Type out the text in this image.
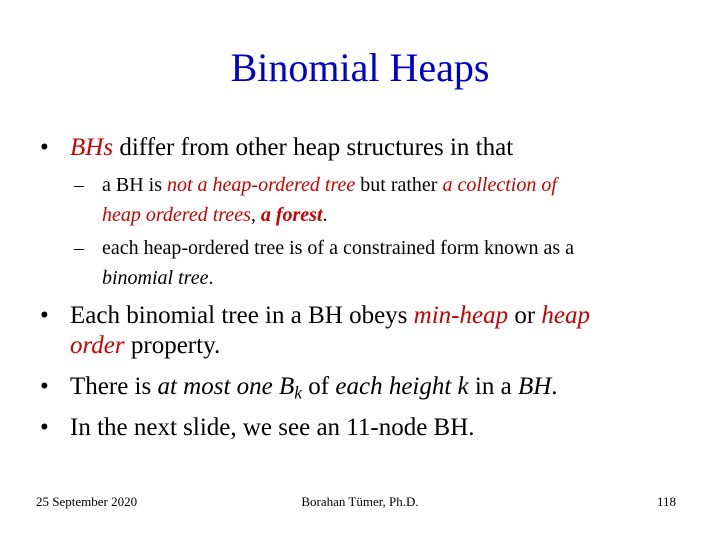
Binomial Heaps
• BHs differ from other heap structures in that
– a BH is not a heap-ordered tree but rather a collection of
heap ordered trees, a forest.
– each heap-ordered tree is of a constrained form known as a
binomial tree.
• Each binomial tree in a BH obeys min-heap or heap
order property.
• There is at most one $B_k$ of each height k in a BH.
• In the next slide, we see an 11-node BH.
25 September 2020	Borahan Tümer, Ph.D.	118
